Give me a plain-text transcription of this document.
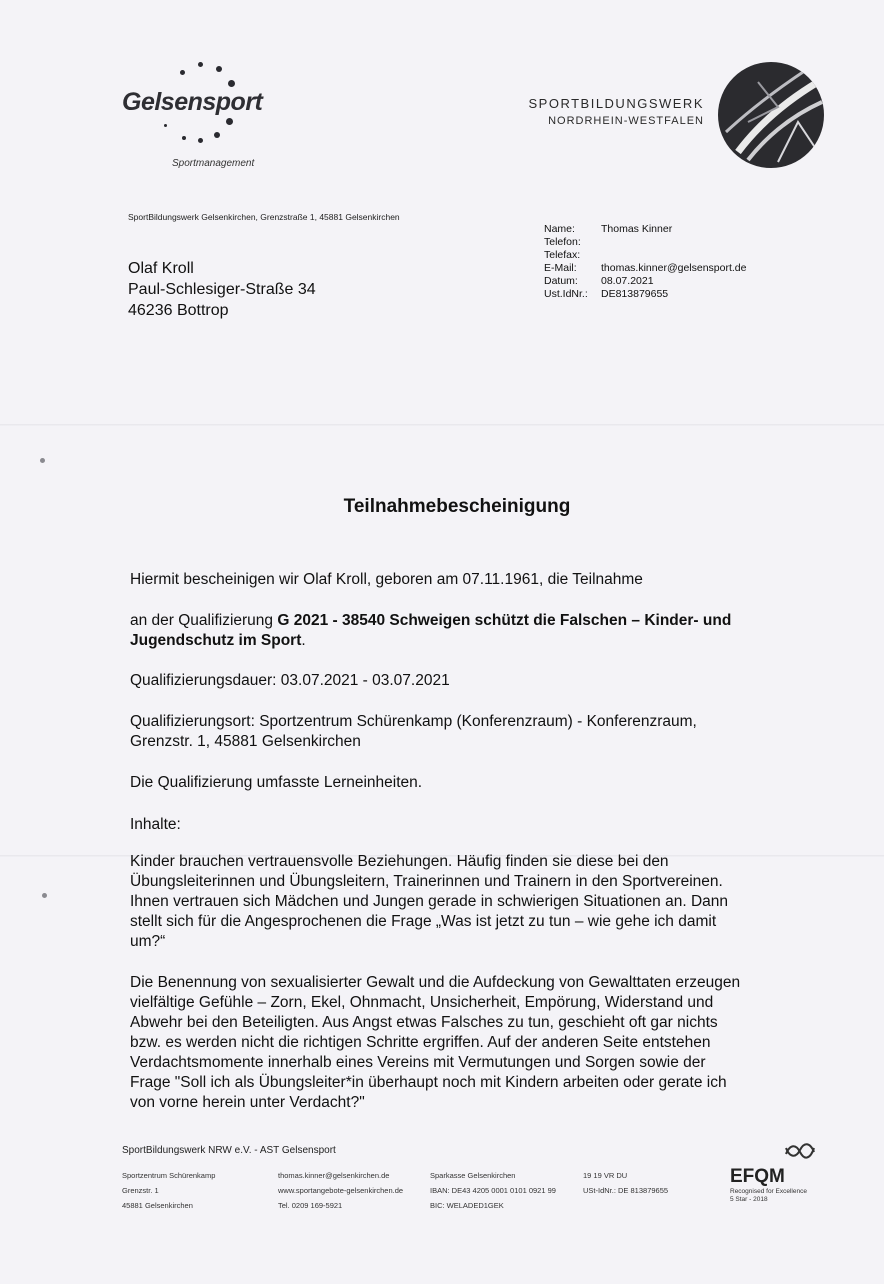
Gelsensport
Sportmanagement
SPORTBILDUNGSWERK
NORDRHEIN-WESTFALEN
SportBildungswerk Gelsenkirchen, Grenzstraße 1, 45881 Gelsenkirchen
Olaf Kroll
Paul-Schlesiger-Straße 34
46236 Bottrop
Name:	Thomas Kinner
Telefon:
Telefax:
E-Mail:	thomas.kinner@gelsensport.de
Datum:	08.07.2021
Ust.IdNr.:	DE813879655
Teilnahmebescheinigung
Hiermit bescheinigen wir Olaf Kroll, geboren am 07.11.1961, die Teilnahme
an der Qualifizierung G 2021 - 38540 Schweigen schützt die Falschen – Kinder- und
Jugendschutz im Sport.
Qualifizierungsdauer: 03.07.2021 - 03.07.2021
Qualifizierungsort: Sportzentrum Schürenkamp (Konferenzraum) - Konferenzraum,
Grenzstr. 1, 45881 Gelsenkirchen
Die Qualifizierung umfasste Lerneinheiten.
Inhalte:
Kinder brauchen vertrauensvolle Beziehungen. Häufig finden sie diese bei den
Übungsleiterinnen und Übungsleitern, Trainerinnen und Trainern in den Sportvereinen.
Ihnen vertrauen sich Mädchen und Jungen gerade in schwierigen Situationen an. Dann
stellt sich für die Angesprochenen die Frage „Was ist jetzt zu tun – wie gehe ich damit
um?“
Die Benennung von sexualisierter Gewalt und die Aufdeckung von Gewalttaten erzeugen
vielfältige Gefühle – Zorn, Ekel, Ohnmacht, Unsicherheit, Empörung, Widerstand und
Abwehr bei den Beteiligten. Aus Angst etwas Falsches zu tun, geschieht oft gar nichts
bzw. es werden nicht die richtigen Schritte ergriffen. Auf der anderen Seite entstehen
Verdachtsmomente innerhalb eines Vereins mit Vermutungen und Sorgen sowie der
Frage "Soll ich als Übungsleiter*in überhaupt noch mit Kindern arbeiten oder gerate ich
von vorne herein unter Verdacht?"
SportBildungswerk NRW e.V. - AST Gelsensport
Sportzentrum Schürenkamp
Grenzstr. 1
45881 Gelsenkirchen
thomas.kinner@gelsenkirchen.de
www.sportangebote-gelsenkirchen.de
Tel. 0209 169-5921
Sparkasse Gelsenkirchen
IBAN: DE43 4205 0001 0101 0921 99
BIC: WELADED1GEK
19 19 VR DU
USt-IdNr.: DE 813879655
EFQM
Recognised for Excellence
5 Star - 2018
